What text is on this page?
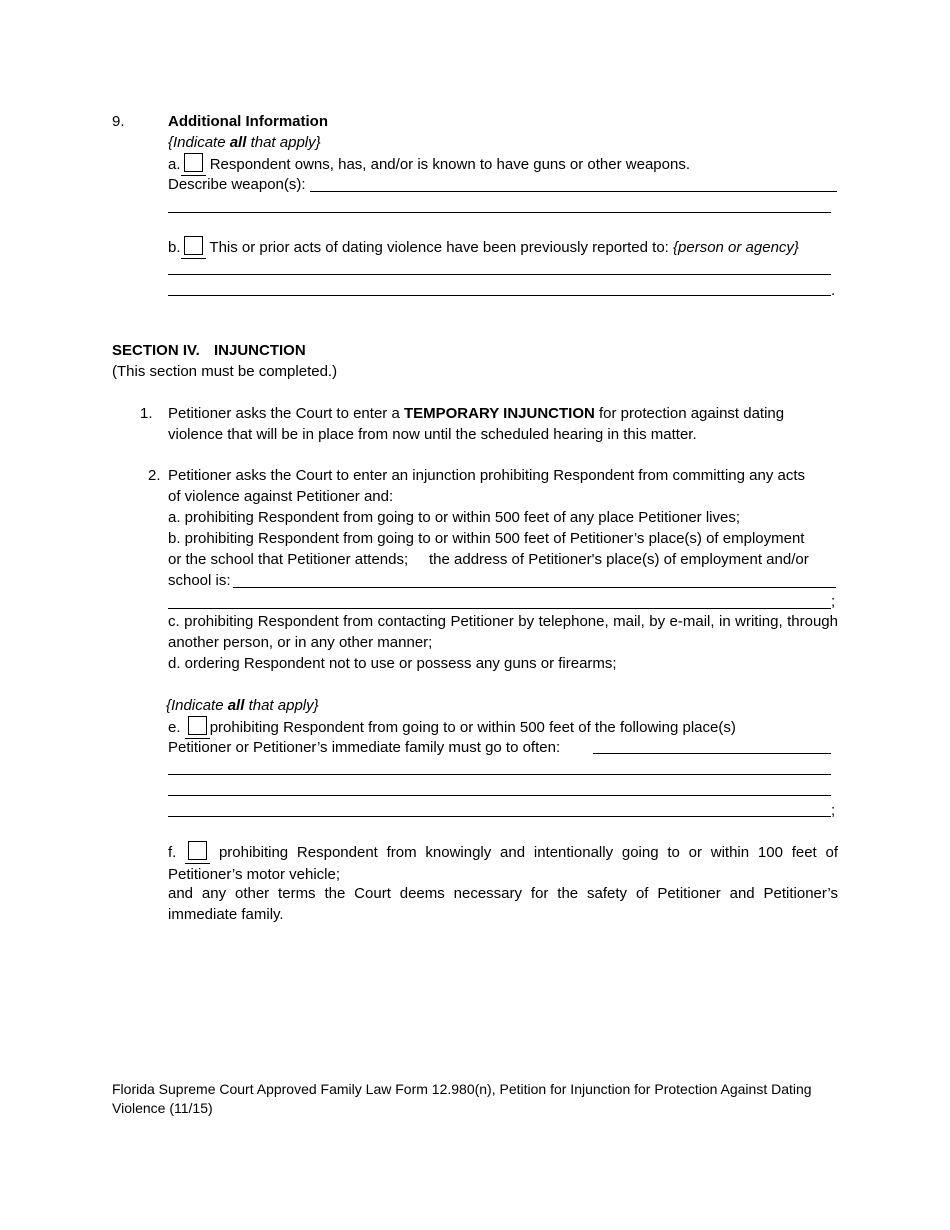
9.	Additional Information
{Indicate all that apply}
a. Respondent owns, has, and/or is known to have guns or other weapons.
Describe weapon(s):
b. This or prior acts of dating violence have been previously reported to: {person or agency}
.
SECTION IV. INJUNCTION
(This section must be completed.)
1. Petitioner asks the Court to enter a TEMPORARY INJUNCTION for protection against dating
violence that will be in place from now until the scheduled hearing in this matter.
2. Petitioner asks the Court to enter an injunction prohibiting Respondent from committing any acts
of violence against Petitioner and:
a. prohibiting Respondent from going to or within 500 feet of any place Petitioner lives;
b. prohibiting Respondent from going to or within 500 feet of Petitioner’s place(s) of employment
or the school that Petitioner attends;     the address of Petitioner's place(s) of employment and/or
school is:
;
c. prohibiting Respondent from contacting Petitioner by telephone, mail, by e-mail, in writing, through another person, or in any other manner;
d. ordering Respondent not to use or possess any guns or firearms;
{Indicate all that apply}
e. prohibiting Respondent from going to or within 500 feet of the following place(s)
Petitioner or Petitioner’s immediate family must go to often:
;
f.	prohibiting Respondent from knowingly and intentionally going to or within 100 feet of Petitioner’s motor vehicle;
and any other terms the Court deems necessary for the safety of Petitioner and Petitioner’s immediate family.
Florida Supreme Court Approved Family Law Form 12.980(n), Petition for Injunction for Protection Against Dating Violence (11/15)
